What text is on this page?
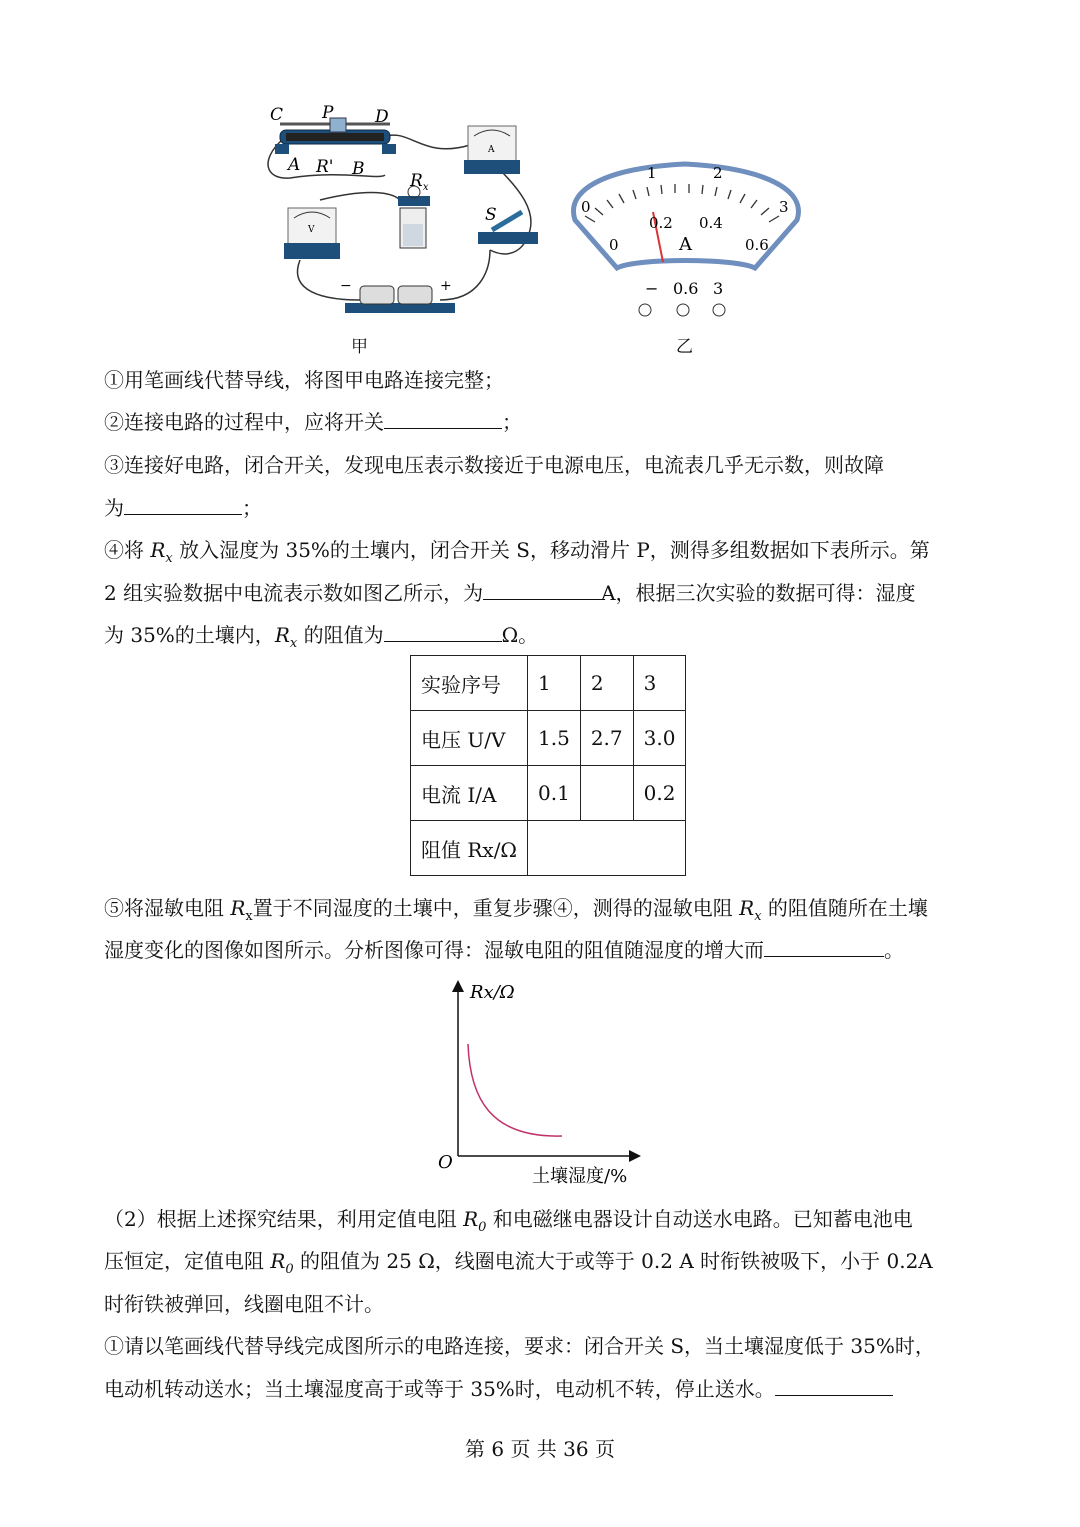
C P D
A R' B
A
V
$R_x$
S
−	+
甲
0
1	2
3
0
0.2 0.4
0.6
A
− 0.6 3
乙
①用笔画线代替导线，将图甲电路连接完整；
②连接电路的过程中，应将开关	；
③连接好电路，闭合开关，发现电压表示数接近于电源电压，电流表几乎无示数，则故障
为	；
④将 $R_x$ 放入湿度为 35%的土壤内，闭合开关 S，移动滑片 P，测得多组数据如下表所示。第
2 组实验数据中电流表示数如图乙所示，为	A，根据三次实验的数据可得：湿度
为 35%的土壤内，$R_x$ 的阻值为	Ω。
实验序号	1	2	3
电压 U/V	1.5	2.7	3.0
电流 I/A	0.1		0.2
阻值 Rx/Ω			
⑤将湿敏电阻 $R_x$置于不同湿度的土壤中，重复步骤④，测得的湿敏电阻 $R_x$ 的阻值随所在土壤
湿度变化的图像如图所示。分析图像可得：湿敏电阻的阻值随湿度的增大而	。
Rx/Ω
O
土壤湿度/%
（2）根据上述探究结果，利用定值电阻 $R_0$ 和电磁继电器设计自动送水电路。已知蓄电池电
压恒定，定值电阻 $R_0$ 的阻值为 25 Ω，线圈电流大于或等于 0.2 A 时衔铁被吸下，小于 0.2A
时衔铁被弹回，线圈电阻不计。
①请以笔画线代替导线完成图所示的电路连接，要求：闭合开关 S，当土壤湿度低于 35%时，
电动机转动送水；当土壤湿度高于或等于 35%时，电动机不转，停止送水。
第 6 页 共 36 页
